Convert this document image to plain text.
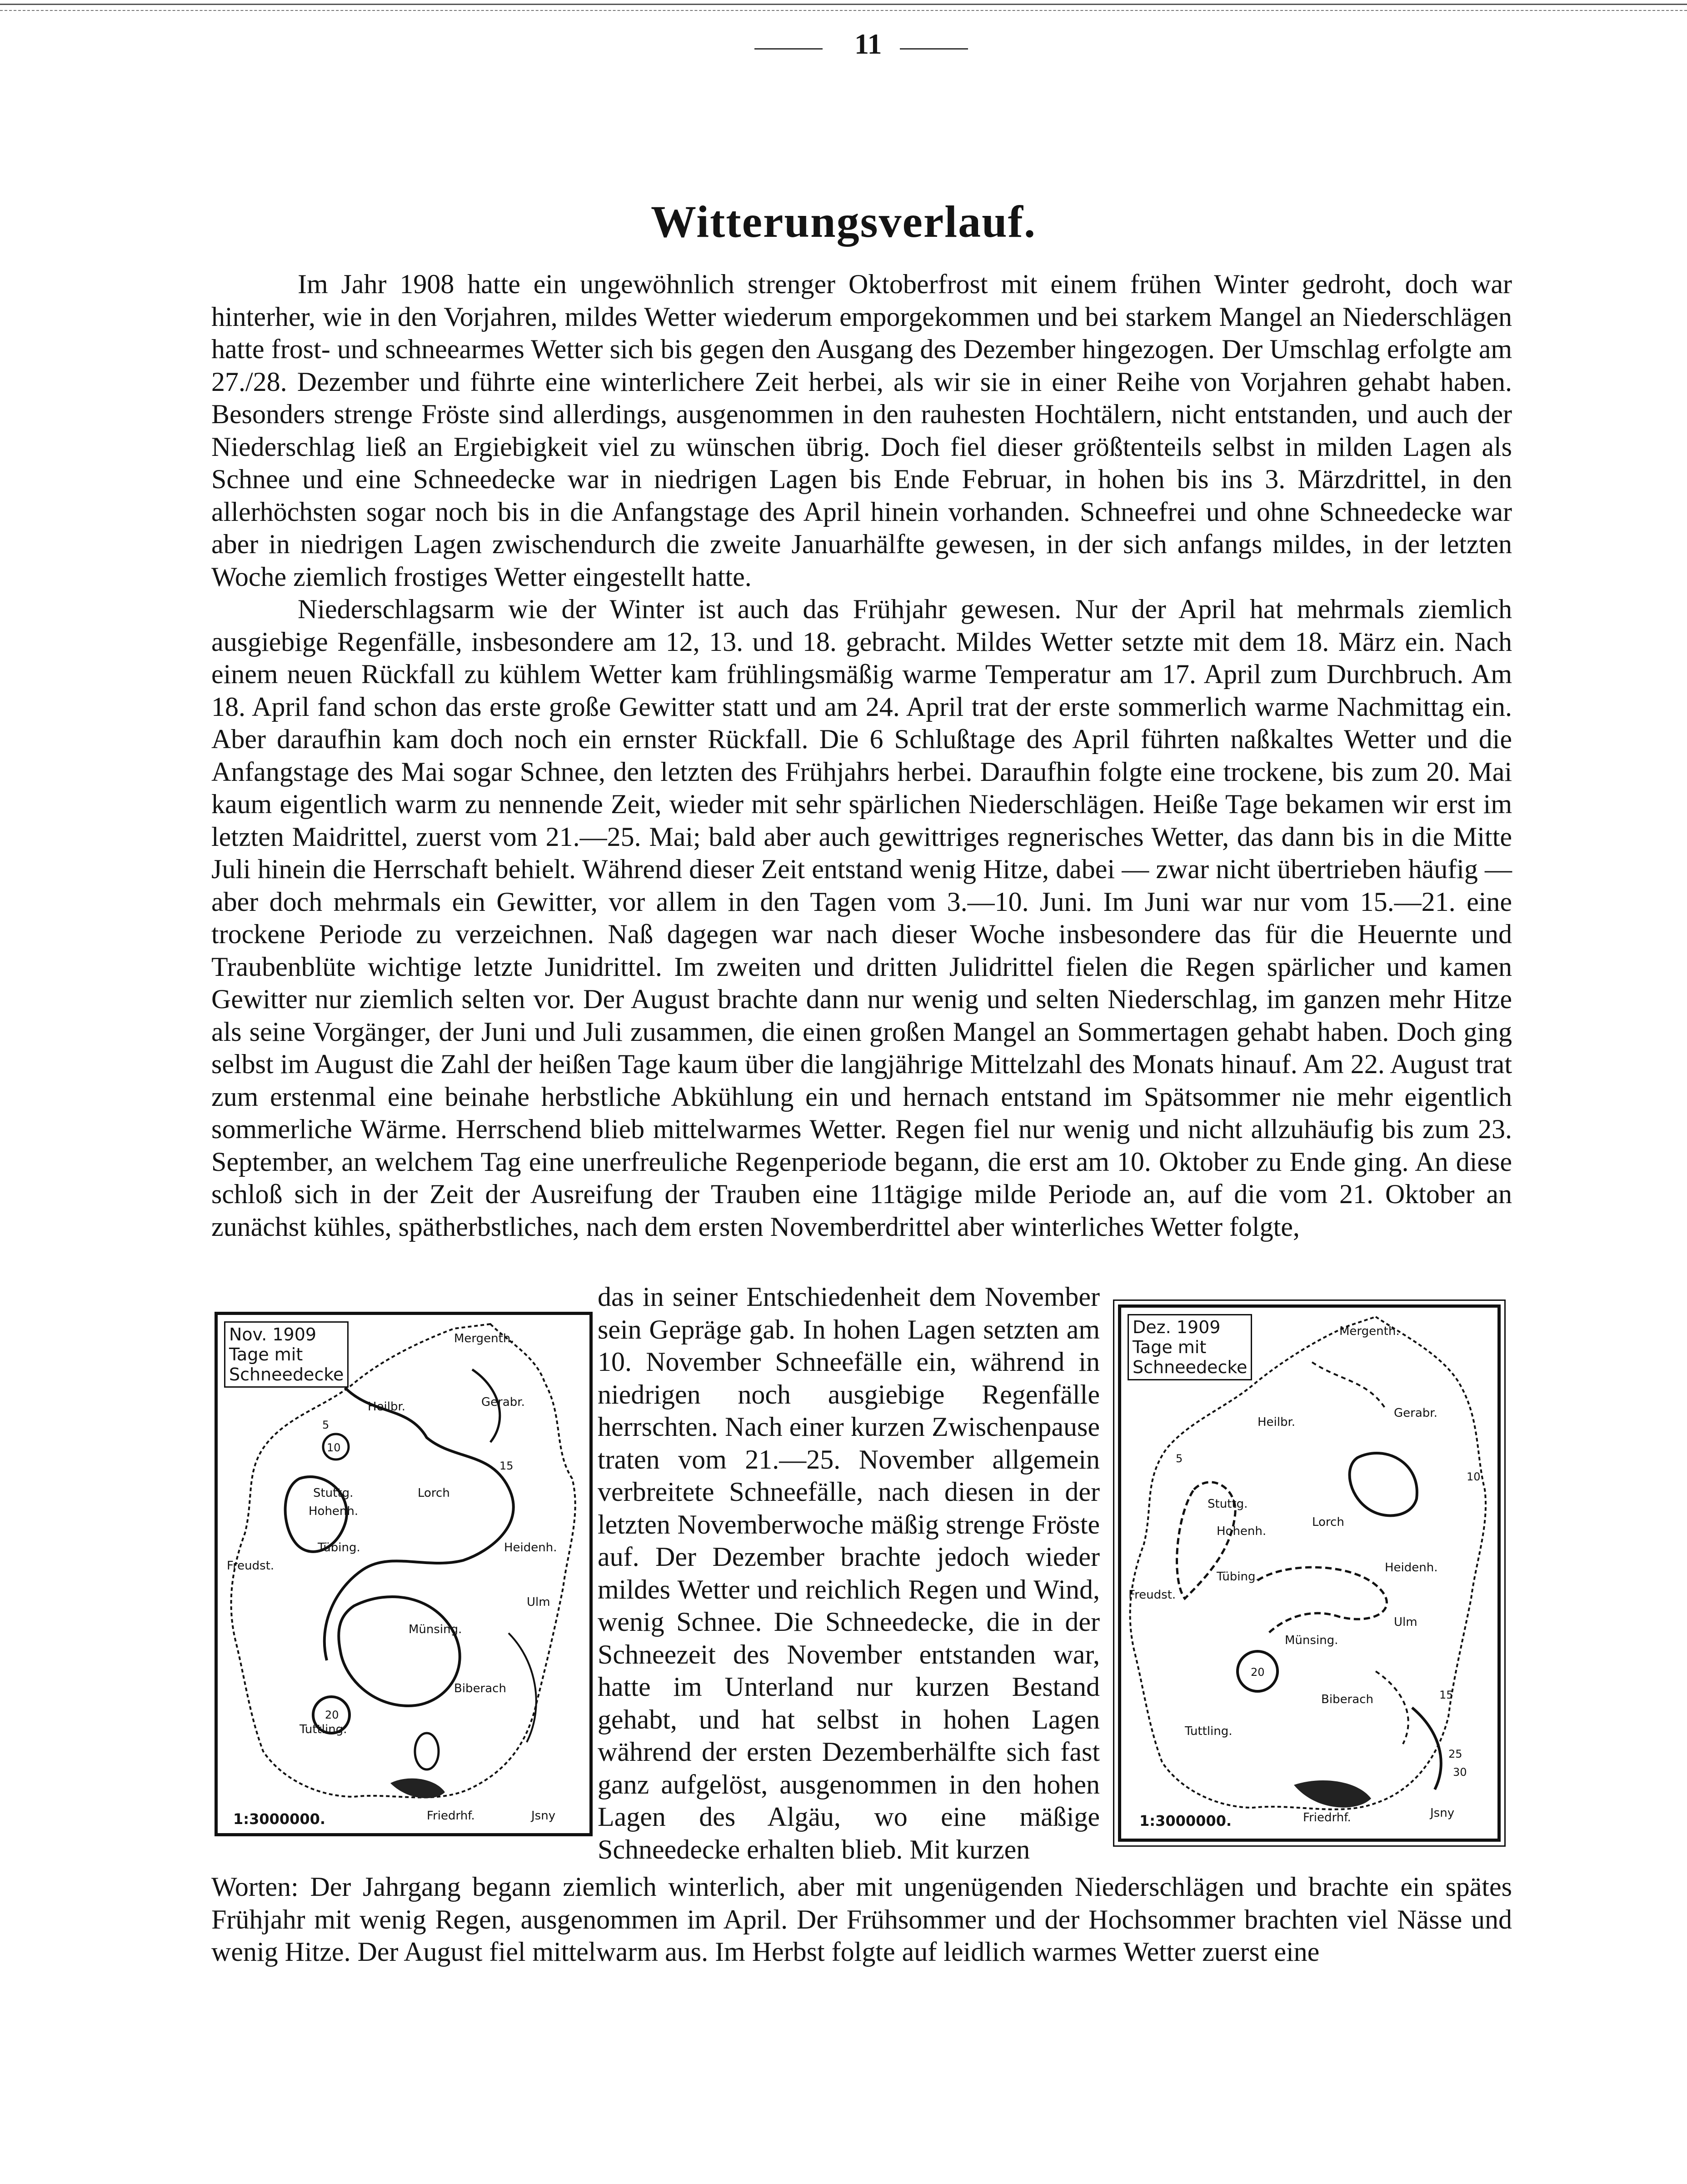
11
Witterungsverlauf.

Im Jahr 1908 hatte ein ungewöhnlich strenger Oktoberfrost mit einem frühen Winter gedroht, doch war hinterher, wie in den Vorjahren, mildes Wetter wiederum emporgekommen und bei starkem Mangel an Niederschlägen hatte frost- und schneearmes Wetter sich bis gegen den Ausgang des Dezember hingezogen. Der Umschlag erfolgte am 27./28. Dezember und führte eine winterlichere Zeit herbei, als wir sie in einer Reihe von Vorjahren gehabt haben. Besonders strenge Fröste sind allerdings, ausgenommen in den rauhesten Hochtälern, nicht entstanden, und auch der Niederschlag ließ an Ergiebigkeit viel zu wünschen übrig. Doch fiel dieser größtenteils selbst in milden Lagen als Schnee und eine Schneedecke war in niedrigen Lagen bis Ende Februar, in hohen bis ins 3. Märzdrittel, in den allerhöchsten sogar noch bis in die Anfangstage des April hinein vorhanden. Schneefrei und ohne Schneedecke war aber in niedrigen Lagen zwischendurch die zweite Januarhälfte gewesen, in der sich anfangs mildes, in der letzten Woche ziemlich frostiges Wetter eingestellt hatte.

Niederschlagsarm wie der Winter ist auch das Frühjahr gewesen. Nur der April hat mehrmals ziemlich ausgiebige Regenfälle, insbesondere am 12, 13. und 18. gebracht. Mildes Wetter setzte mit dem 18. März ein. Nach einem neuen Rückfall zu kühlem Wetter kam frühlingsmäßig warme Temperatur am 17. April zum Durchbruch. Am 18. April fand schon das erste große Gewitter statt und am 24. April trat der erste sommerlich warme Nachmittag ein. Aber daraufhin kam doch noch ein ernster Rückfall. Die 6 Schlußtage des April führten naßkaltes Wetter und die Anfangstage des Mai sogar Schnee, den letzten des Frühjahrs herbei. Daraufhin folgte eine trockene, bis zum 20. Mai kaum eigentlich warm zu nennende Zeit, wieder mit sehr spärlichen Niederschlägen. Heiße Tage bekamen wir erst im letzten Maidrittel, zuerst vom 21.—25. Mai; bald aber auch gewittriges regnerisches Wetter, das dann bis in die Mitte Juli hinein die Herrschaft behielt. Während dieser Zeit entstand wenig Hitze, dabei — zwar nicht übertrieben häufig — aber doch mehrmals ein Gewitter, vor allem in den Tagen vom 3.—10. Juni. Im Juni war nur vom 15.—21. eine trockene Periode zu verzeichnen. Naß dagegen war nach dieser Woche insbesondere das für die Heuernte und Traubenblüte wichtige letzte Junidrittel. Im zweiten und dritten Julidrittel fielen die Regen spärlicher und kamen Gewitter nur ziemlich selten vor. Der August brachte dann nur wenig und selten Niederschlag, im ganzen mehr Hitze als seine Vorgänger, der Juni und Juli zusammen, die einen großen Mangel an Sommertagen gehabt haben. Doch ging selbst im August die Zahl der heißen Tage kaum über die langjährige Mittelzahl des Monats hinauf. Am 22. August trat zum erstenmal eine beinahe herbstliche Abkühlung ein und hernach entstand im Spätsommer nie mehr eigentlich sommerliche Wärme. Herrschend blieb mittelwarmes Wetter. Regen fiel nur wenig und nicht allzuhäufig bis zum 23. September, an welchem Tag eine unerfreuliche Regenperiode begann, die erst am 10. Oktober zu Ende ging. An diese schloß sich in der Zeit der Ausreifung der Trauben eine 11tägige milde Periode an, auf die vom 21. Oktober an zunächst kühles, spätherbstliches, nach dem ersten Novemberdrittel aber winterliches Wetter folgte,

Mergenth.
Gerabr.
Heilbr.
Stuttg.	Lorch
Hohenh.
Tübing.	Heidenh.
Freudst.
Ulm
Münsing.
Biberach
Tuttling.
Friedrhf.	Jsny
5
10
15
20
Nov. 1909
Tage mit
Schneedecke
1:3000000.

das in seiner Entschiedenheit dem November sein Gepräge gab. In hohen Lagen setzten am 10. November Schneefälle ein, während in niedrigen noch ausgiebige Regenfälle herrschten. Nach einer kurzen Zwischenpause traten vom 21.—25. November allgemein verbreitete Schneefälle, nach diesen in der letzten Novemberwoche mäßig strenge Fröste auf. Der Dezember brachte jedoch wieder mildes Wetter und reichlich Regen und Wind, wenig Schnee. Die Schneedecke, die in der Schneezeit des November entstanden war, hatte im Unterland nur kurzen Bestand gehabt, und hat selbst in hohen Lagen während der ersten Dezemberhälfte sich fast ganz aufgelöst, ausgenommen in den hohen Lagen des Algäu, wo eine mäßige Schneedecke erhalten blieb. Mit kurzen

Mergenth.
Gerabr.
Heilbr.
Stuttg.
Lorch
Hohenh.
Tübing.
Heidenh.
Freudst.
Ulm
Münsing.
Biberach
Tuttling.
Friedrhf.	Jsny
5
10
15
20
25
30
Dez. 1909
Tage mit
Schneedecke
1:3000000.

Worten: Der Jahrgang begann ziemlich winterlich, aber mit ungenügenden Niederschlägen und brachte ein spätes Frühjahr mit wenig Regen, ausgenommen im April. Der Frühsommer und der Hochsommer brachten viel Nässe und wenig Hitze. Der August fiel mittelwarm aus. Im Herbst folgte auf leidlich warmes Wetter zuerst eine
